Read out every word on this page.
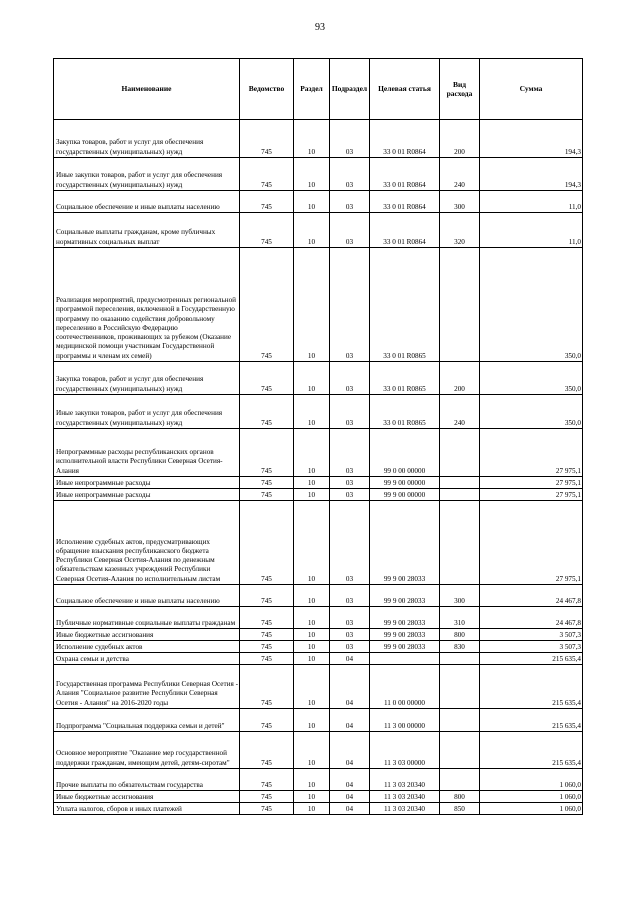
93
Наименование	Ведомство	Раздел	Подраздел	Целевая статья	Вид расхода	Сумма
Закупка товаров, работ и услуг для обеспечения государственных (муниципальных) нужд	745	10	03	33 0 01 R0864	200	194,3
Иные закупки товаров, работ и услуг для обеспечения государственных (муниципальных) нужд	745	10	03	33 0 01 R0864	240	194,3
Социальное обеспечение и иные выплаты населению	745	10	03	33 0 01 R0864	300	11,0
Социальные выплаты гражданам, кроме публичных нормативных социальных выплат	745	10	03	33 0 01 R0864	320	11,0
Реализация мероприятий, предусмотренных региональной программой переселения, включенной в Государственную программу по оказанию содействия добровольному переселению в Российскую Федерацию соотечественников, проживающих за рубежом (Оказание медицинской помощи участникам Государственной программы и членам их семей)	745	10	03	33 0 01 R0865		350,0
Закупка товаров, работ и услуг для обеспечения государственных (муниципальных) нужд	745	10	03	33 0 01 R0865	200	350,0
Иные закупки товаров, работ и услуг для обеспечения государственных (муниципальных) нужд	745	10	03	33 0 01 R0865	240	350,0
Непрограммные расходы республиканских органов исполнительной власти Республики Северная Осетия-Алания	745	10	03	99 0 00 00000		27 975,1
Иные непрограммные расходы	745	10	03	99 9 00 00000		27 975,1
Иные непрограммные расходы	745	10	03	99 9 00 00000		27 975,1
Исполнение судебных актов, предусматривающих обращение взыскания республиканского бюджета Республики Северная Осетия-Алания по денежным обязательствам казенных учреждений Республики Северная Осетия-Алания по исполнительным листам	745	10	03	99 9 00 28033		27 975,1
Социальное обеспечение и иные выплаты населению	745	10	03	99 9 00 28033	300	24 467,8
Публичные нормативные социальные выплаты гражданам	745	10	03	99 9 00 28033	310	24 467,8
Иные бюджетные ассигнования	745	10	03	99 9 00 28033	800	3 507,3
Исполнение судебных актов	745	10	03	99 9 00 28033	830	3 507,3
Охрана семьи и детства	745	10	04			215 635,4
Государственная программа Республики Северная Осетия - Алания "Социальное развитие Республики Северная Осетия - Алания" на 2016-2020 годы	745	10	04	11 0 00 00000		215 635,4
Подпрограмма "Социальная поддержка семьи и детей"	745	10	04	11 3 00 00000		215 635,4
Основное мероприятие "Оказание мер государственной поддержки гражданам, имеющим детей, детям-сиротам"	745	10	04	11 3 03 00000		215 635,4
Прочие выплаты по обязательствам государства	745	10	04	11 3 03 20340		1 060,0
Иные бюджетные ассигнования	745	10	04	11 3 03 20340	800	1 060,0
Уплата налогов, сборов и иных платежей	745	10	04	11 3 03 20340	850	1 060,0
